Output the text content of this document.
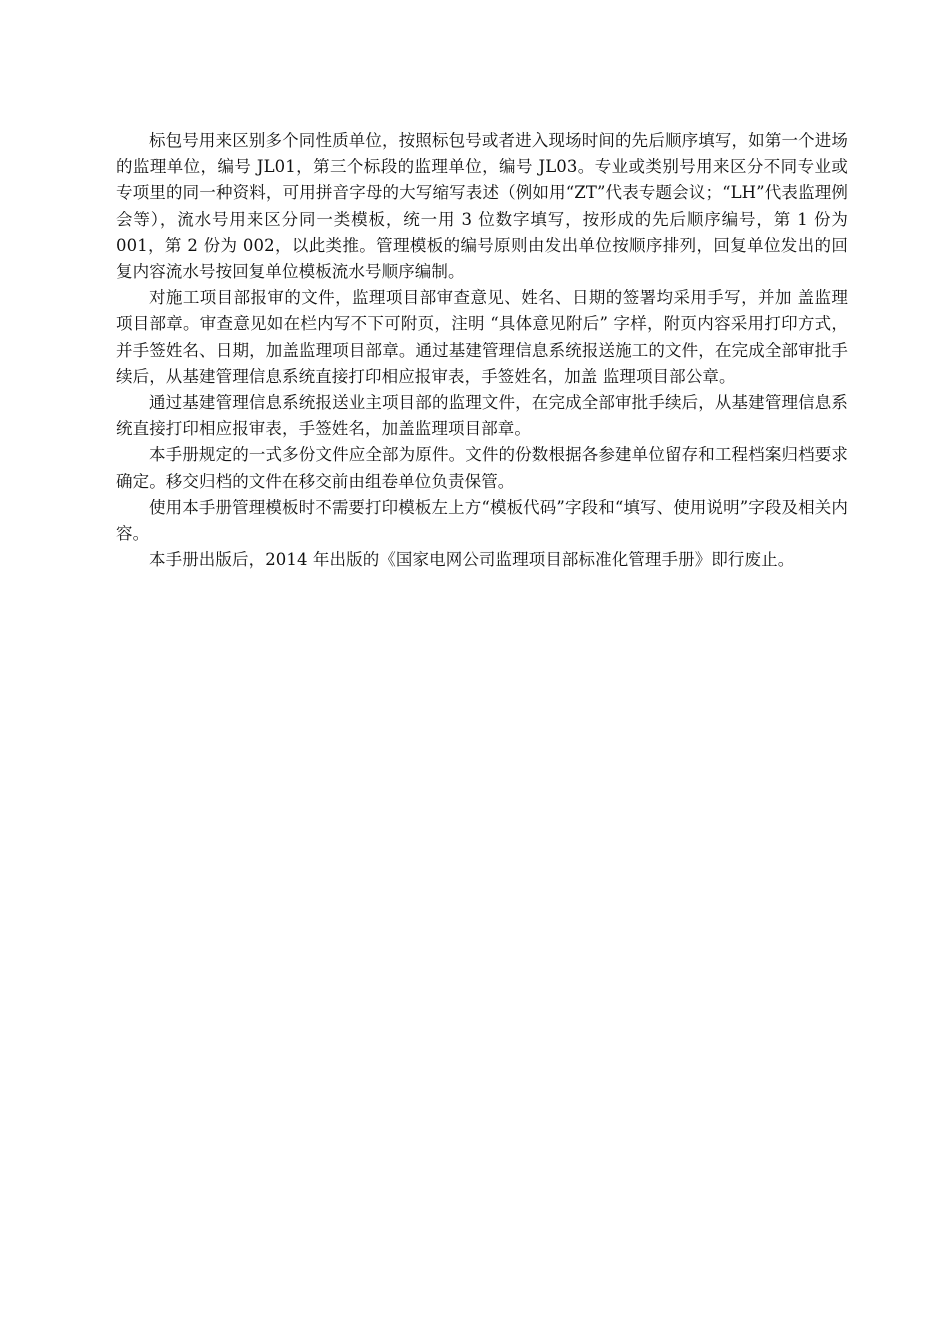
标包号用来区别多个同性质单位，按照标包号或者进入现场时间的先后顺序填写，如第一个进场的监理单位，编号 JL01，第三个标段的监理单位，编号 JL03。专业或类别号用来区分不同专业或专项里的同一种资料，可用拼音字母的大写缩写表述（例如用“ZT”代表专题会议；“LH”代表监理例会等），流水号用来区分同一类模板，统一用 3 位数字填写，按形成的先后顺序编号，第 1 份为 001，第 2 份为 002，以此类推。管理模板的编号原则由发出单位按顺序排列，回复单位发出的回复内容流水号按回复单位模板流水号顺序编制。

对施工项目部报审的文件，监理项目部审查意见、姓名、日期的签署均采用手写，并加 盖监理项目部章。审查意见如在栏内写不下可附页，注明 “具体意见附后” 字样，附页内容采用打印方式，并手签姓名、日期，加盖监理项目部章。通过基建管理信息系统报送施工的文件，在完成全部审批手续后，从基建管理信息系统直接打印相应报审表，手签姓名，加盖 监理项目部公章。

通过基建管理信息系统报送业主项目部的监理文件，在完成全部审批手续后，从基建管理信息系统直接打印相应报审表，手签姓名，加盖监理项目部章。

本手册规定的一式多份文件应全部为原件。文件的份数根据各参建单位留存和工程档案归档要求确定。移交归档的文件在移交前由组卷单位负责保管。

使用本手册管理模板时不需要打印模板左上方“模板代码”字段和“填写、使用说明”字段及相关内容。

本手册出版后，2014 年出版的《国家电网公司监理项目部标准化管理手册》即行废止。
